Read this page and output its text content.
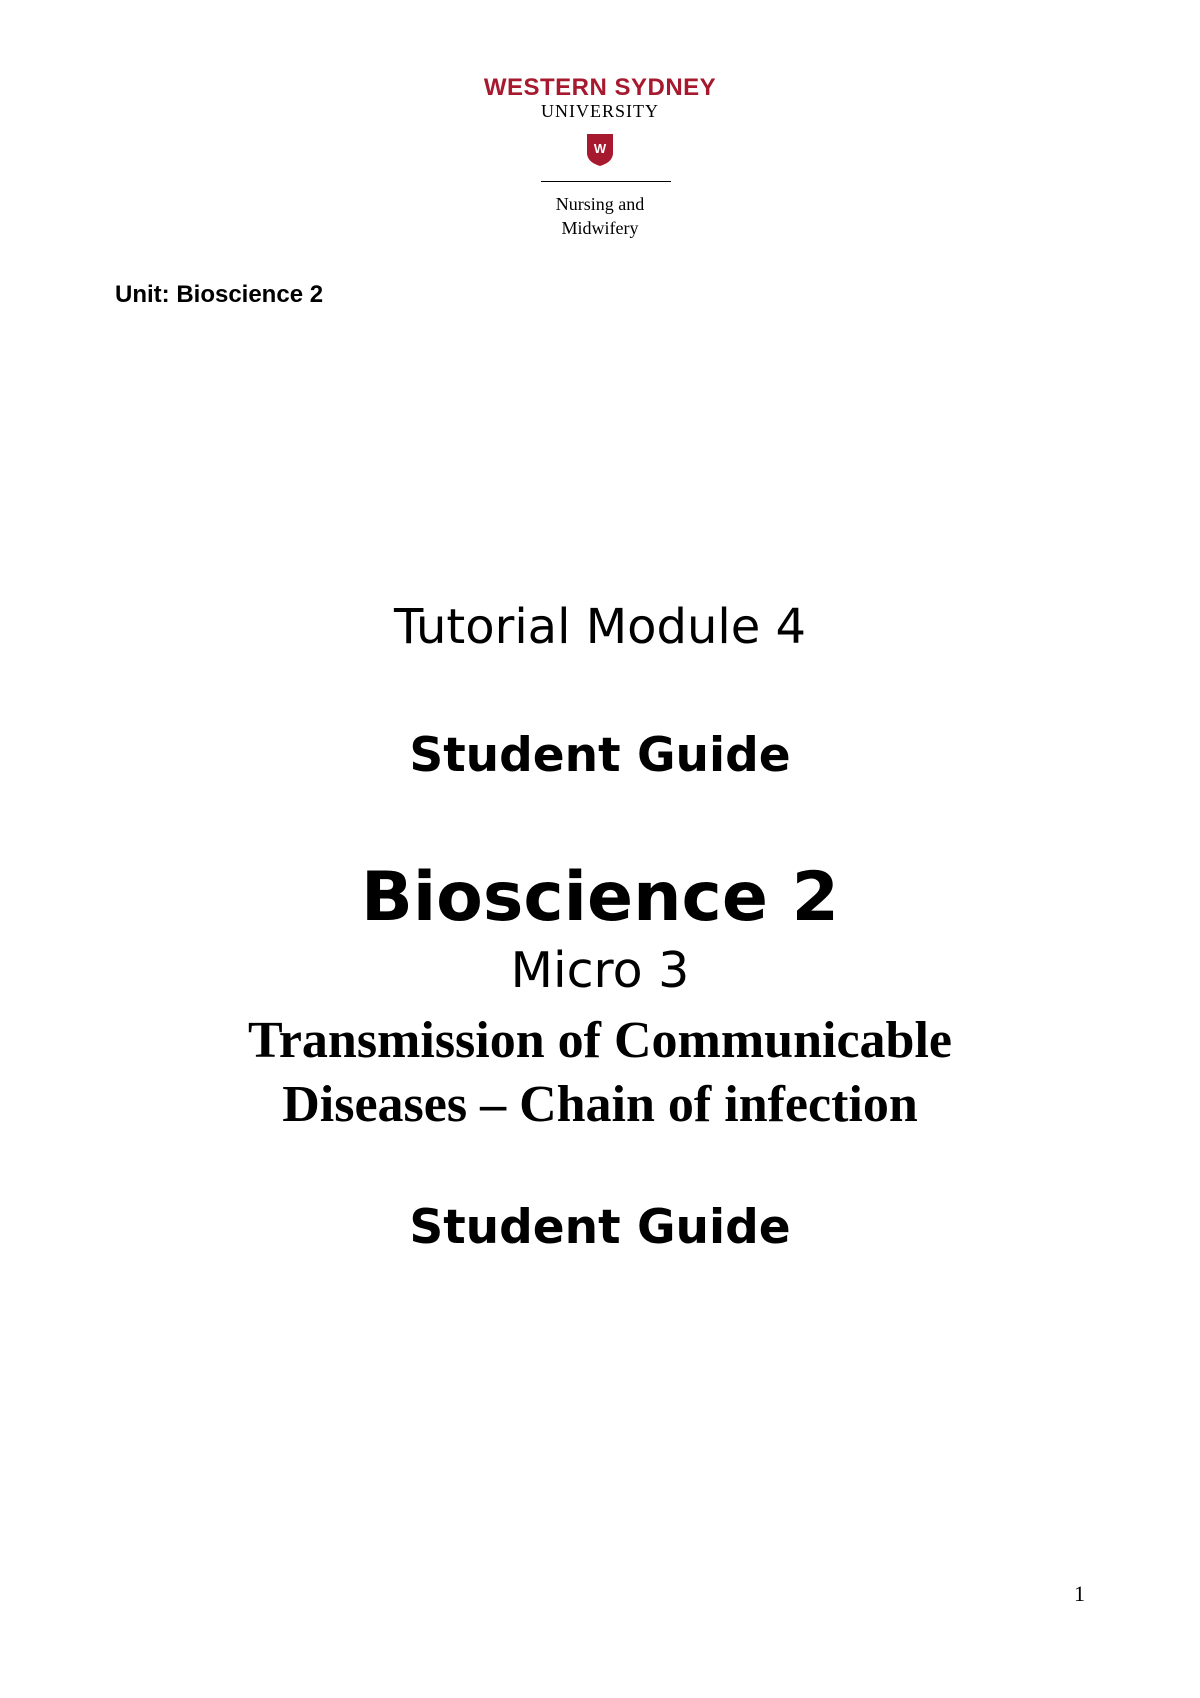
WESTERN SYDNEY
UNIVERSITY
W
Nursing and
Midwifery
Unit: Bioscience 2
Tutorial Module 4
Student Guide
Bioscience 2
Micro 3
Transmission of Communicable
Diseases – Chain of infection
Student Guide
1
